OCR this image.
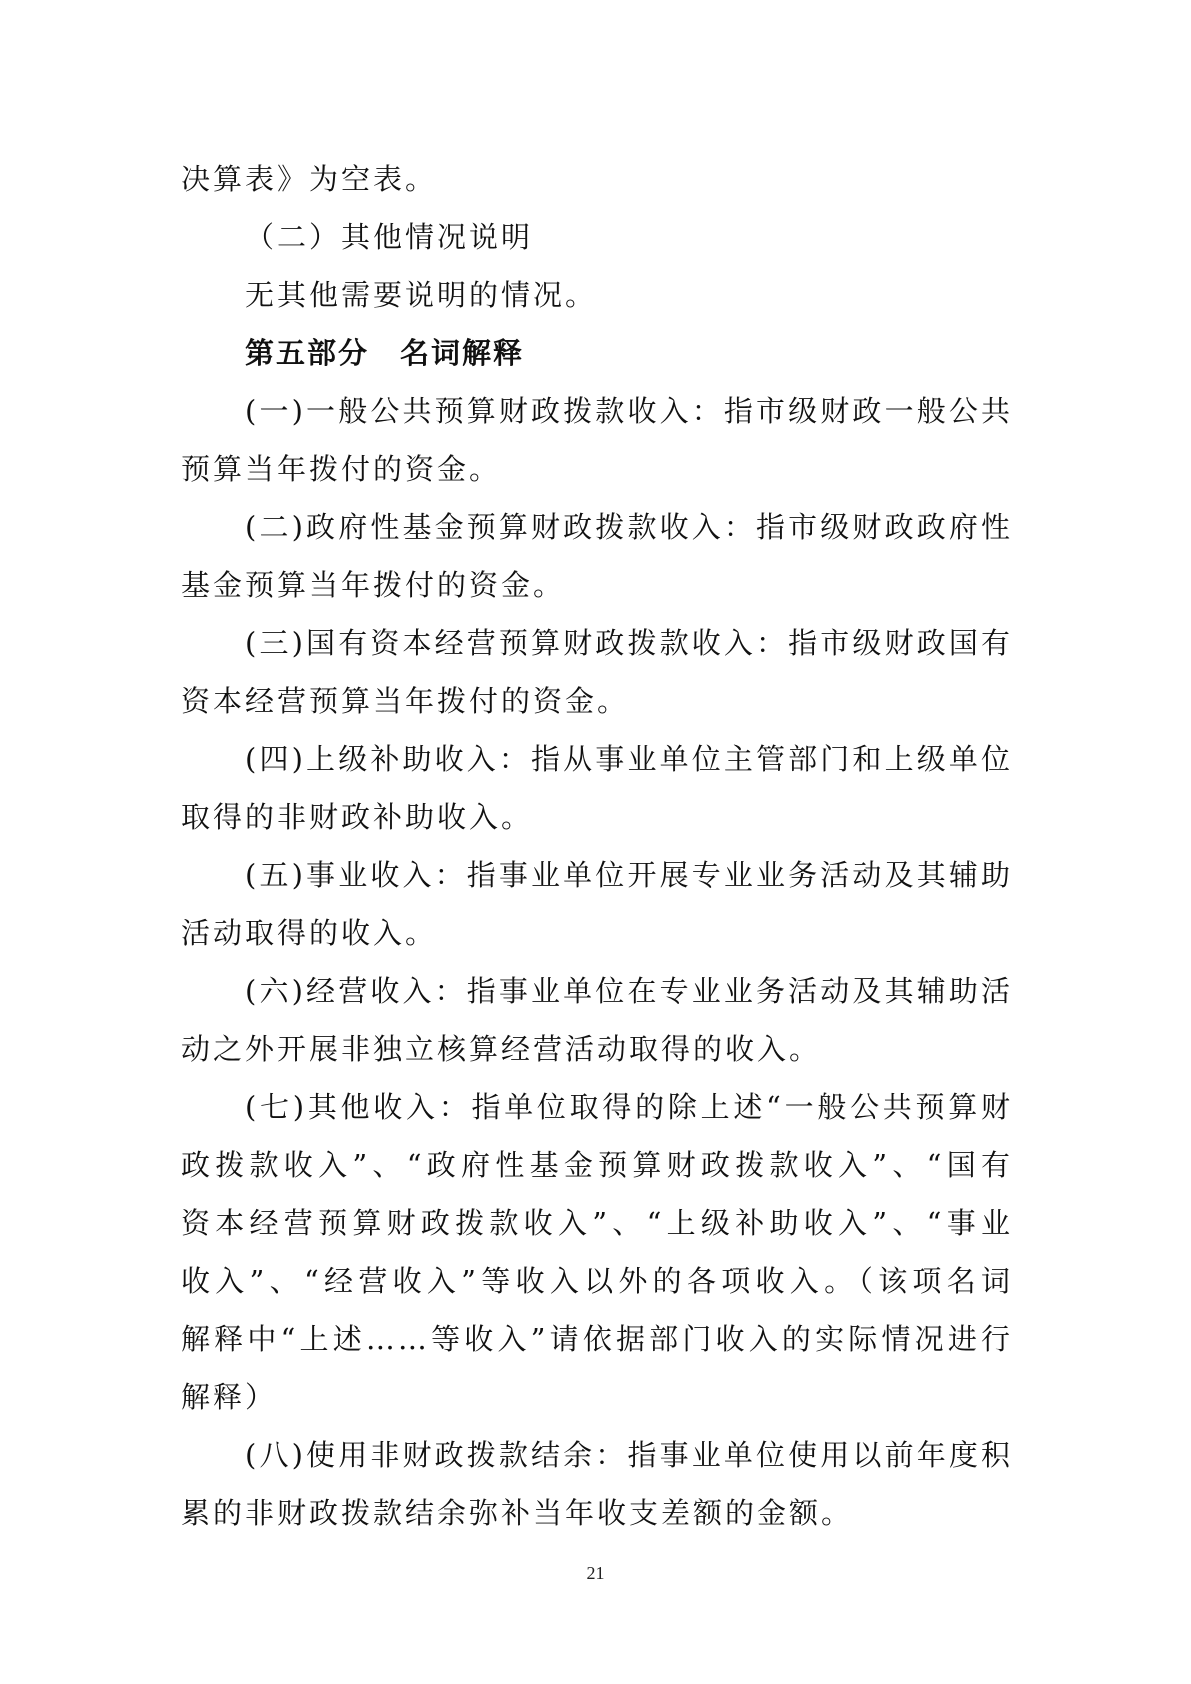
决算表》为空表。
（二）其他情况说明
无其他需要说明的情况。
第五部分　名词解释
(一)一般公共预算财政拨款收入：指市级财政一般公共
预算当年拨付的资金。
(二)政府性基金预算财政拨款收入：指市级财政政府性
基金预算当年拨付的资金。
(三)国有资本经营预算财政拨款收入：指市级财政国有
资本经营预算当年拨付的资金。
(四)上级补助收入：指从事业单位主管部门和上级单位
取得的非财政补助收入。
(五)事业收入：指事业单位开展专业业务活动及其辅助
活动取得的收入。
(六)经营收入：指事业单位在专业业务活动及其辅助活
动之外开展非独立核算经营活动取得的收入。
(七)其他收入：指单位取得的除上述“一般公共预算财
政拨款收入”、“政府性基金预算财政拨款收入”、“国有
资本经营预算财政拨款收入”、“上级补助收入”、“事业
收入”、“经营收入”等收入以外的各项收入。（该项名词
解释中“上述……等收入”请依据部门收入的实际情况进行
解释）
(八)使用非财政拨款结余：指事业单位使用以前年度积
累的非财政拨款结余弥补当年收支差额的金额。
21
